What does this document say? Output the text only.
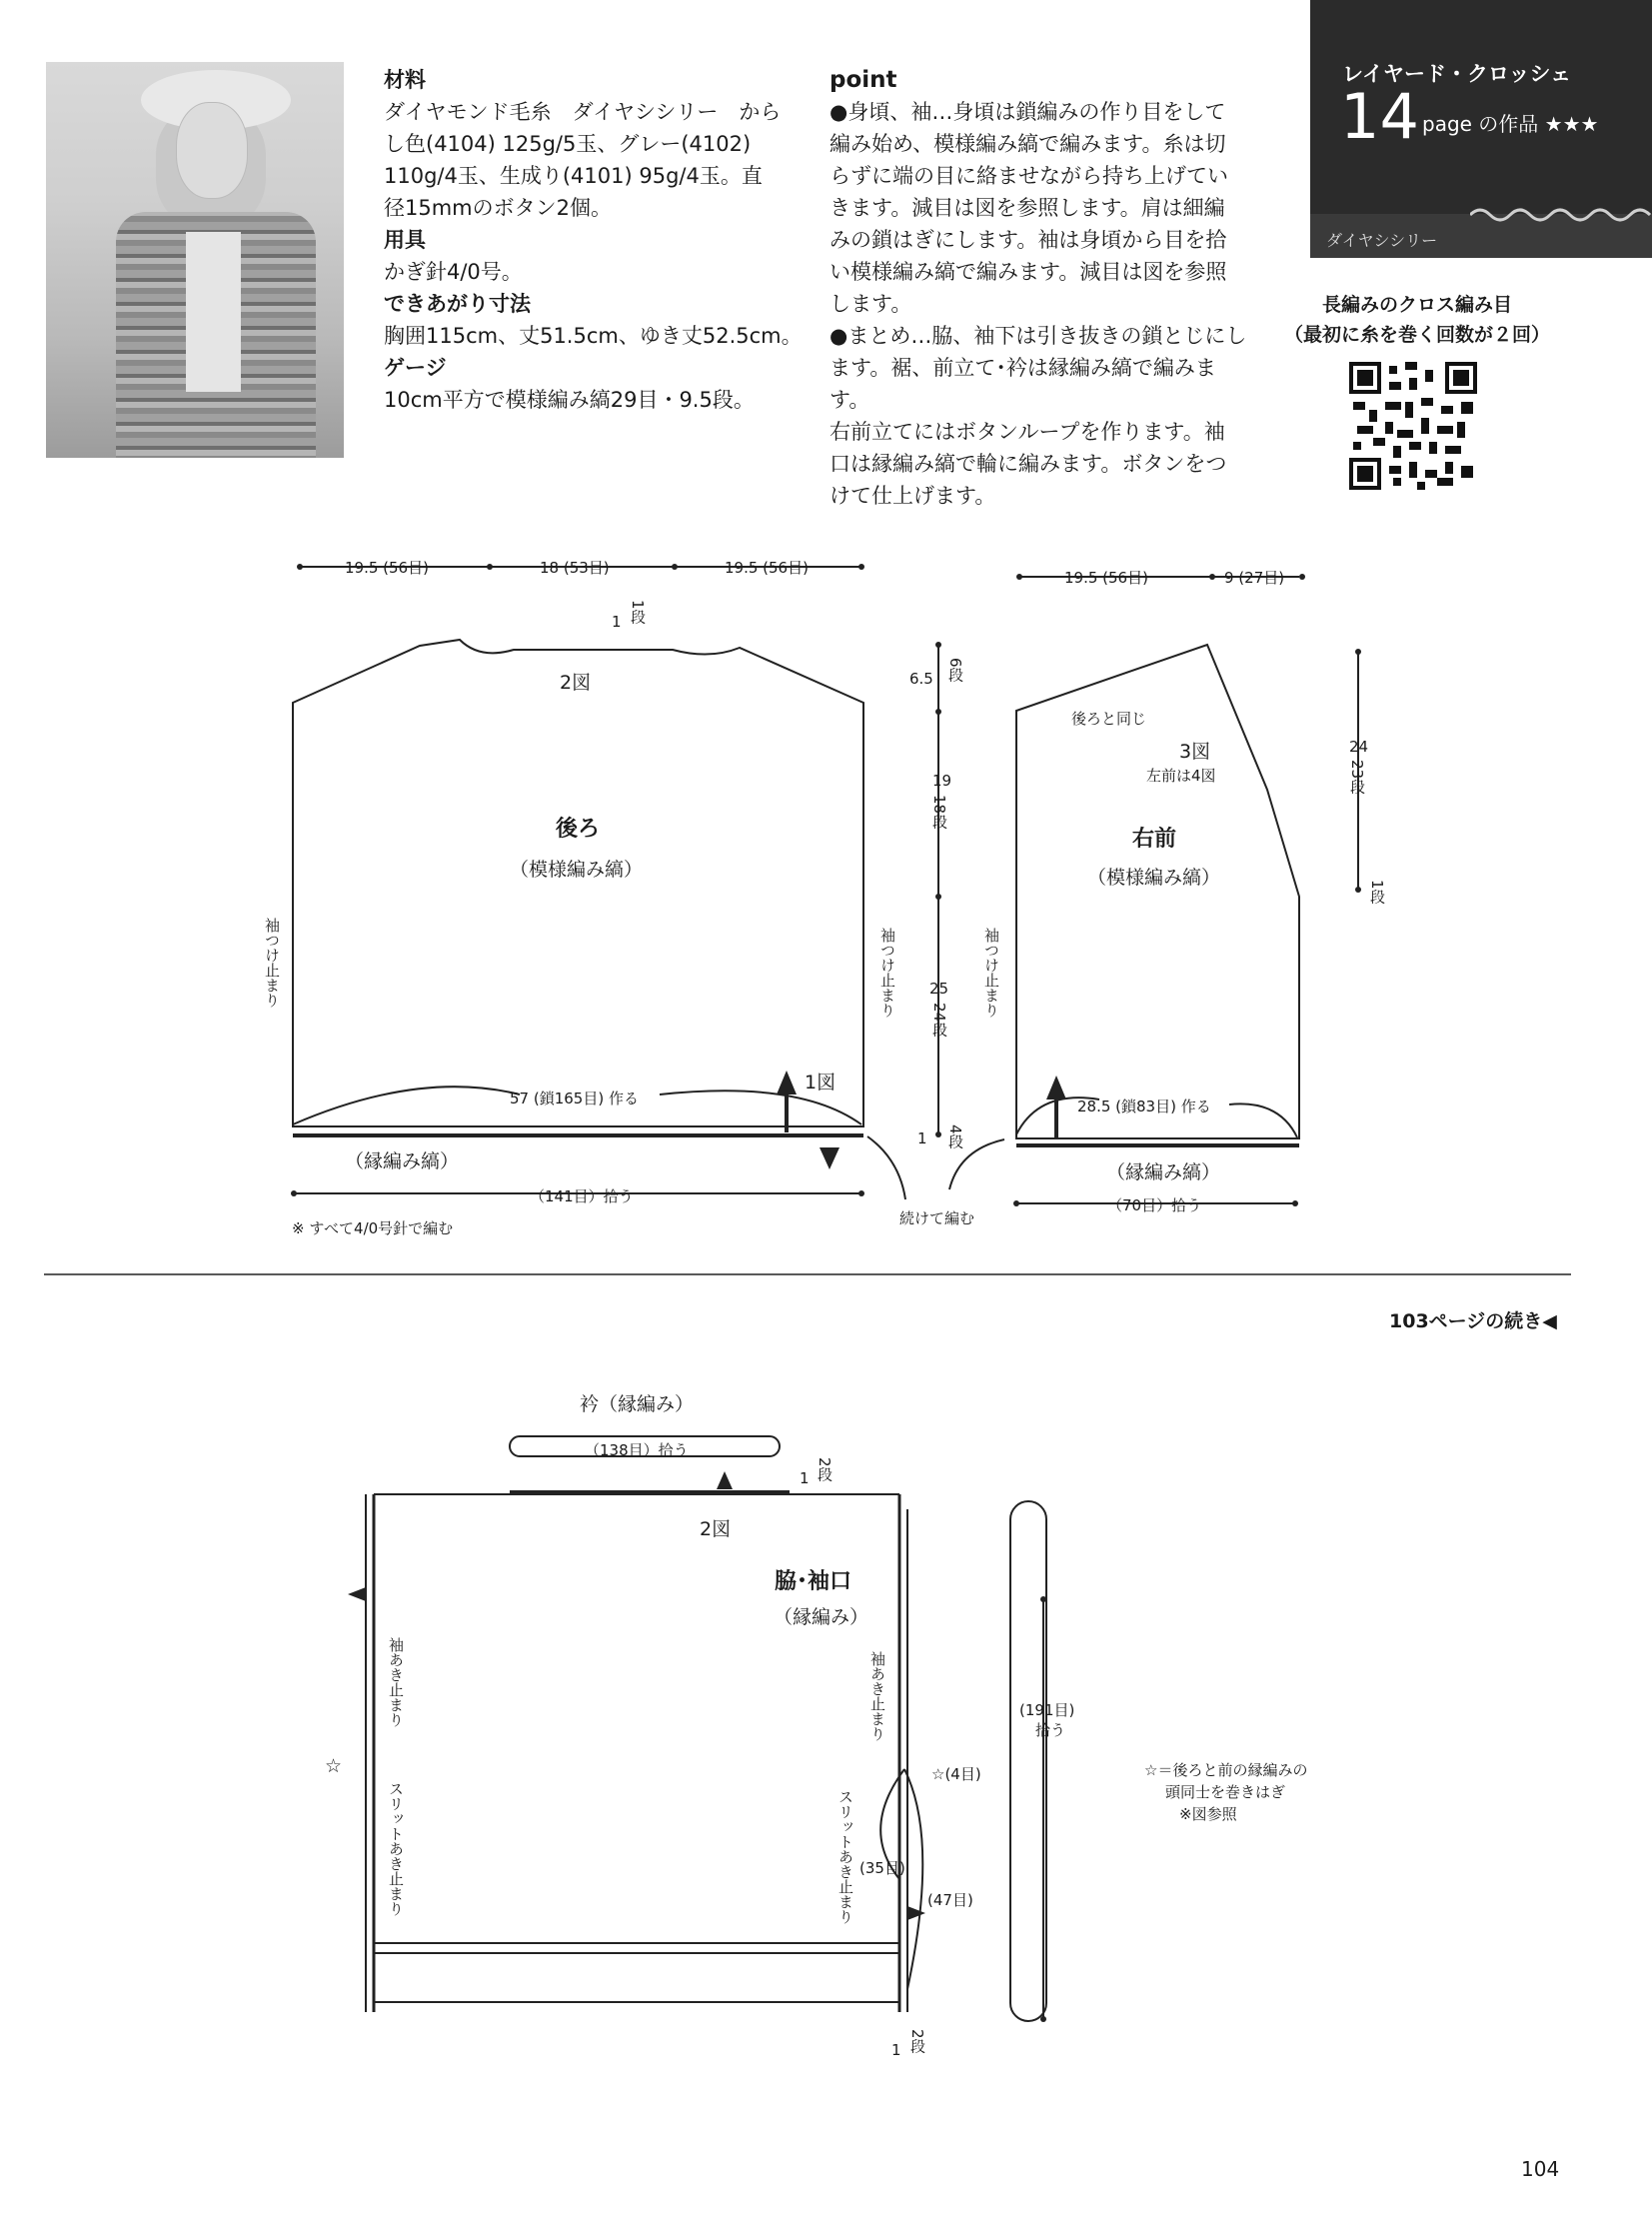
材料
ダイヤモンド毛糸　ダイヤシシリー　から
し色(4104) 125g/5玉、グレー(4102)
110g/4玉、生成り(4101) 95g/4玉。直
径15mmのボタン2個。
用具
かぎ針4/0号。
できあがり寸法
胸囲115cm、丈51.5cm、ゆき丈52.5cm。
ゲージ
10cm平方で模様編み縞29目・9.5段。
point
●身頃、袖…身頃は鎖編みの作り目をして
編み始め、模様編み縞で編みます。糸は切
らずに端の目に絡ませながら持ち上げてい
きます。減目は図を参照します。肩は細編
みの鎖はぎにします。袖は身頃から目を拾
い模様編み縞で編みます。減目は図を参照
します。
●まとめ…脇、袖下は引き抜きの鎖とじにし
ます。裾、前立て･衿は縁編み縞で編みます。
右前立てにはボタンループを作ります。袖
口は縁編み縞で輪に編みます。ボタンをつ
けて仕上げます。
レイヤード・クロッシェ
14 page の作品 ★★★
ダイヤシシリー
長編みのクロス編み目
（最初に糸を巻く回数が２回）
19.5 (56目)	18 (53目)	19.5 (56目)
1 1段
2図
後ろ
（模様編み縞）
袖つけ止まり	袖つけ止まり
57 (鎖165目) 作る
1図
（縁編み縞）
（141目）拾う
※ すべて4/0号針で編む
6.5 6段
19
18段
25
24段
1 4段
続けて編む
19.5 (56目)	9 (27目)
後ろと同じ
3図
左前は4図
右前
（模様編み縞）
袖つけ止まり
28.5 (鎖83目) 作る
（縁編み縞）
（70目）拾う
24
23段
1段
103ページの続き◀
衿（縁編み）
（138目）拾う
1 2段
2図
脇･袖口
（縁編み）
袖あき止まり
スリットあき止まり
袖あき止まり
スリットあき止まり
☆	☆(4目)
(35目)
(47目)
1 2段
(191目)
拾う
☆＝後ろと前の縁編みの
頭同士を巻きはぎ
※図参照
104
